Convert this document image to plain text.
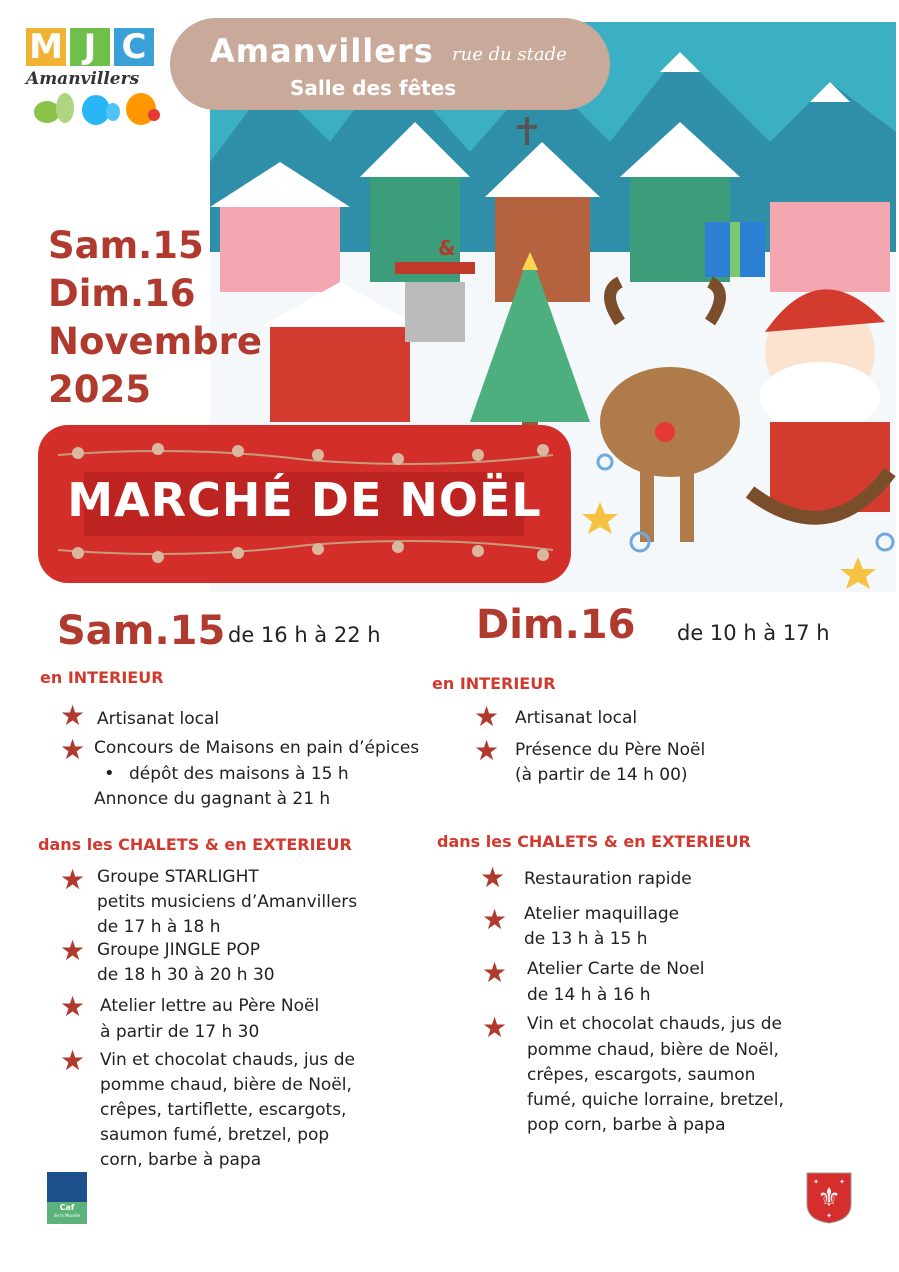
M J C
Amanvillers
Amanvillers rue du stade
Salle des fêtes
Sam.15
Dim.16
Novembre
2025
&
MARCHÉ DE NOËL
Sam.15 de 16 h à 22 h
en INTERIEUR
★ Artisanat local
★ Concours de Maisons en pain d’épices
• dépôt des maisons à 15 h
Annonce du gagnant à 21 h
dans les CHALETS & en EXTERIEUR
★ Groupe STARLIGHT
petits musiciens d’Amanvillers
de 17 h à 18 h
★ Groupe JINGLE POP
de 18 h 30 à 20 h 30
★ Atelier lettre au Père Noël
à partir de 17 h 30
★ Vin et chocolat chauds, jus de
pomme chaud, bière de Noël,
crêpes, tartiflette, escargots,
saumon fumé, bretzel, pop
corn, barbe à papa
Dim.16 de 10 h à 17 h
en INTERIEUR
★ Artisanat local
★ Présence du Père Noël
(à partir de 14 h 00)
dans les CHALETS & en EXTERIEUR
★ Restauration rapide
★ Atelier maquillage
de 13 h à 15 h
★ Atelier Carte de Noel
de 14 h à 16 h
★ Vin et chocolat chauds, jus de
pomme chaud, bière de Noël,
crêpes, escargots, saumon
fumé, quiche lorraine, bretzel,
pop corn, barbe à papa
Caf
de la Moselle
⚜
✦	✦
✦
